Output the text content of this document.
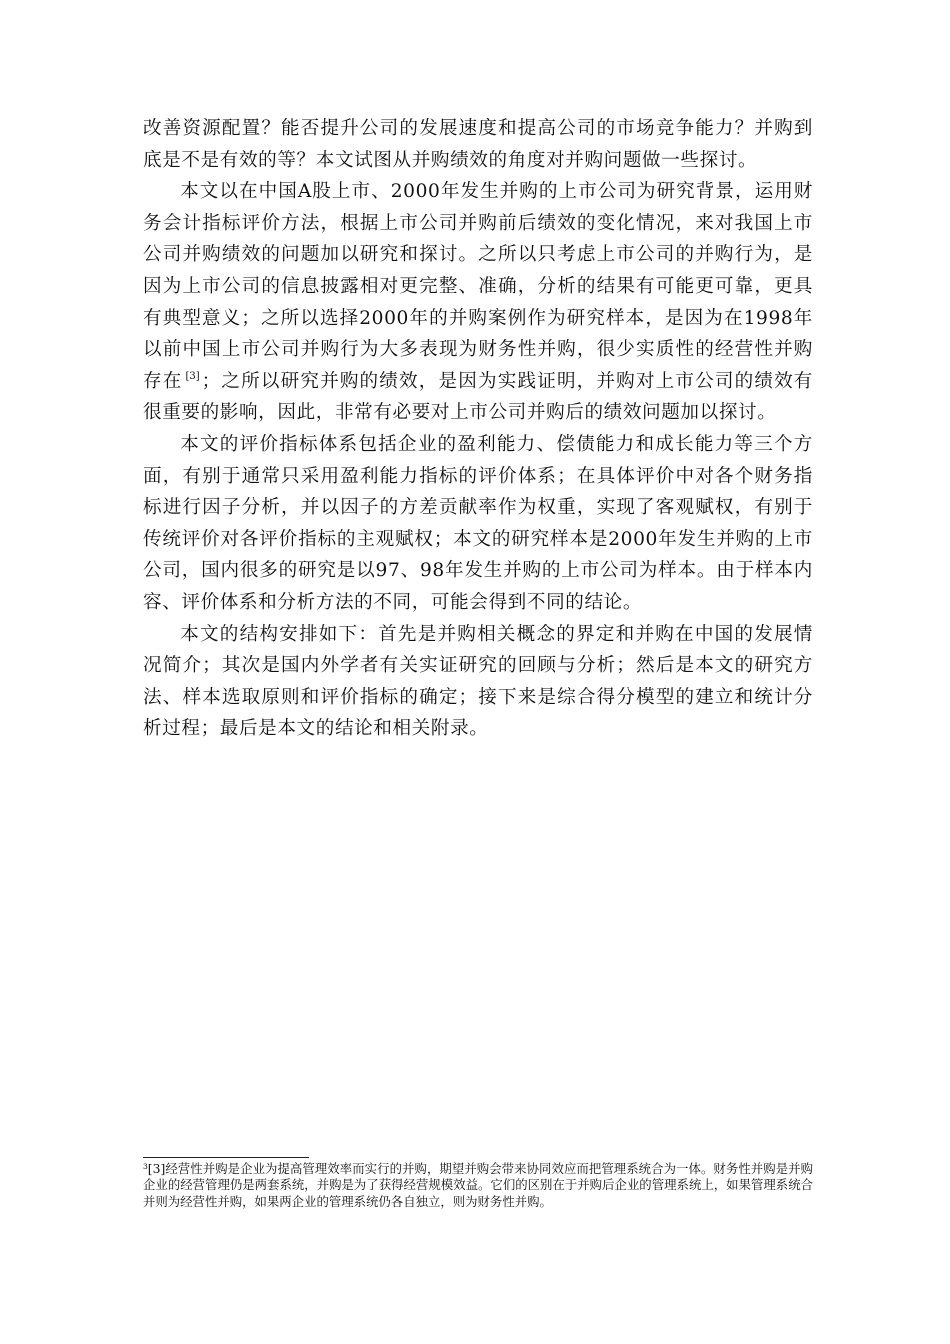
改善资源配置？能否提升公司的发展速度和提高公司的市场竞争能力？并购到底是不是有效的等？本文试图从并购绩效的角度对并购问题做一些探讨。

本文以在中国A股上市、2000年发生并购的上市公司为研究背景，运用财务会计指标评价方法，根据上市公司并购前后绩效的变化情况，来对我国上市公司并购绩效的问题加以研究和探讨。之所以只考虑上市公司的并购行为，是因为上市公司的信息披露相对更完整、准确，分析的结果有可能更可靠，更具有典型意义；之所以选择2000年的并购案例作为研究样本，是因为在1998年以前中国上市公司并购行为大多表现为财务性并购，很少实质性的经营性并购存在 [3] ；之所以研究并购的绩效，是因为实践证明，并购对上市公司的绩效有很重要的影响，因此，非常有必要对上市公司并购后的绩效问题加以探讨。

本文的评价指标体系包括企业的盈利能力、偿债能力和成长能力等三个方面，有别于通常只采用盈利能力指标的评价体系；在具体评价中对各个财务指标进行因子分析，并以因子的方差贡献率作为权重，实现了客观赋权，有别于传统评价对各评价指标的主观赋权；本文的研究样本是2000年发生并购的上市公司，国内很多的研究是以97、98年发生并购的上市公司为样本。由于样本内容、评价体系和分析方法的不同，可能会得到不同的结论。

本文的结构安排如下：首先是并购相关概念的界定和并购在中国的发展情况简介；其次是国内外学者有关实证研究的回顾与分析；然后是本文的研究方法、样本选取原则和评价指标的确定；接下来是综合得分模型的建立和统计分析过程；最后是本文的结论和相关附录。

$^3$[3]经营性并购是企业为提高管理效率而实行的并购，期望并购会带来协同效应而把管理系统合为一体。财务性并购是并购企业的经营管理仍是两套系统，并购是为了获得经营规模效益。它们的区别在于并购后企业的管理系统上，如果管理系统合并则为经营性并购，如果两企业的管理系统仍各自独立，则为财务性并购。
